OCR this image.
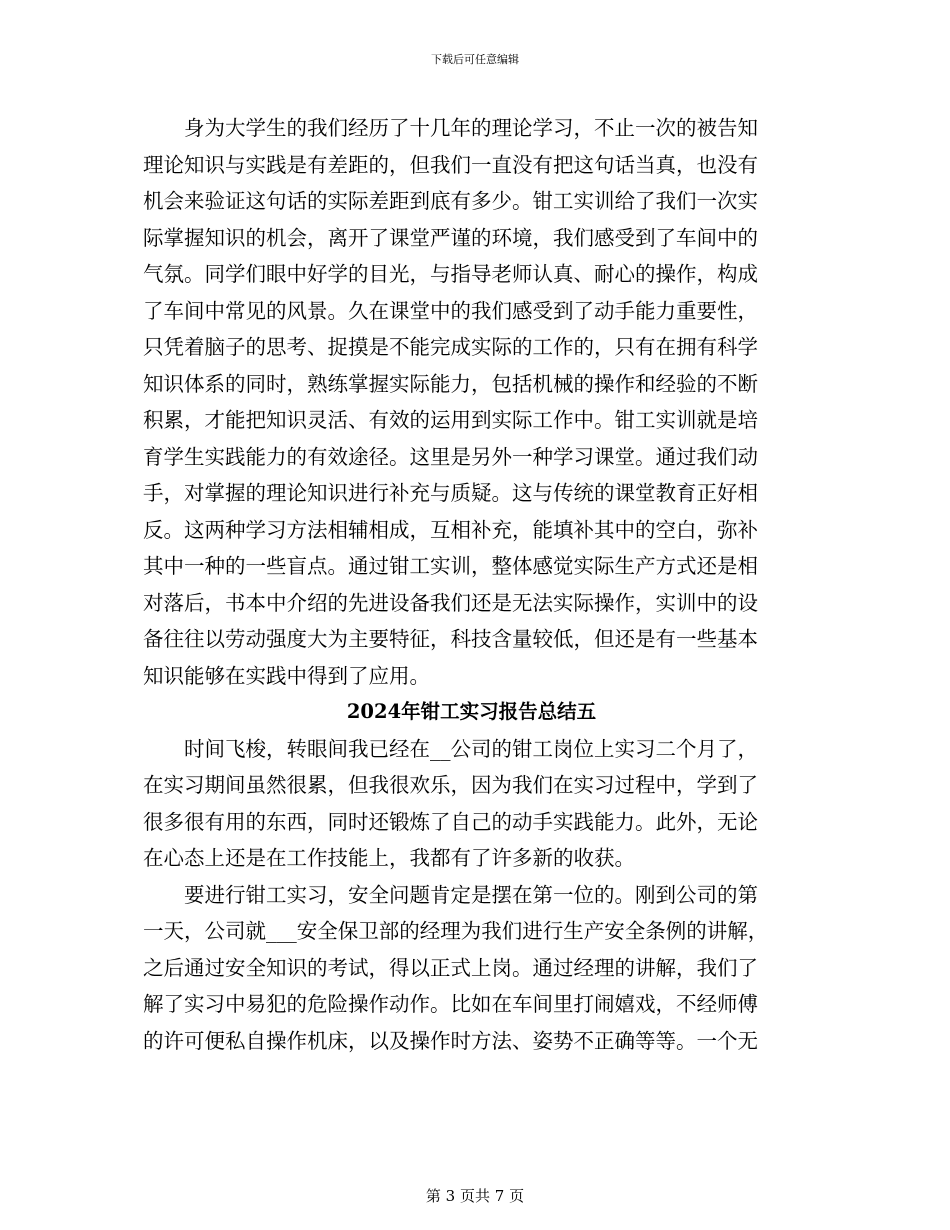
下载后可任意编辑
身为大学生的我们经历了十几年的理论学习，不止一次的被告知
理论知识与实践是有差距的，但我们一直没有把这句话当真，也没有
机会来验证这句话的实际差距到底有多少。钳工实训给了我们一次实
际掌握知识的机会，离开了课堂严谨的环境，我们感受到了车间中的
气氛。同学们眼中好学的目光，与指导老师认真、耐心的操作，构成
了车间中常见的风景。久在课堂中的我们感受到了动手能力重要性，
只凭着脑子的思考、捉摸是不能完成实际的工作的，只有在拥有科学
知识体系的同时，熟练掌握实际能力，包括机械的操作和经验的不断
积累，才能把知识灵活、有效的运用到实际工作中。钳工实训就是培
育学生实践能力的有效途径。这里是另外一种学习课堂。通过我们动
手，对掌握的理论知识进行补充与质疑。这与传统的课堂教育正好相
反。这两种学习方法相辅相成，互相补充，能填补其中的空白，弥补
其中一种的一些盲点。通过钳工实训，整体感觉实际生产方式还是相
对落后，书本中介绍的先进设备我们还是无法实际操作，实训中的设
备往往以劳动强度大为主要特征，科技含量较低，但还是有一些基本
知识能够在实践中得到了应用。
2024年钳工实习报告总结五
时间飞梭，转眼间我已经在__公司的钳工岗位上实习二个月了，
在实习期间虽然很累，但我很欢乐，因为我们在实习过程中，学到了
很多很有用的东西，同时还锻炼了自己的动手实践能力。此外，无论
在心态上还是在工作技能上，我都有了许多新的收获。
要进行钳工实习，安全问题肯定是摆在第一位的。刚到公司的第
一天，公司就___安全保卫部的经理为我们进行生产安全条例的讲解，
之后通过安全知识的考试，得以正式上岗。通过经理的讲解，我们了
解了实习中易犯的危险操作动作。比如在车间里打闹嬉戏，不经师傅
的许可便私自操作机床，以及操作时方法、姿势不正确等等。一个无
第 3 页共 7 页
